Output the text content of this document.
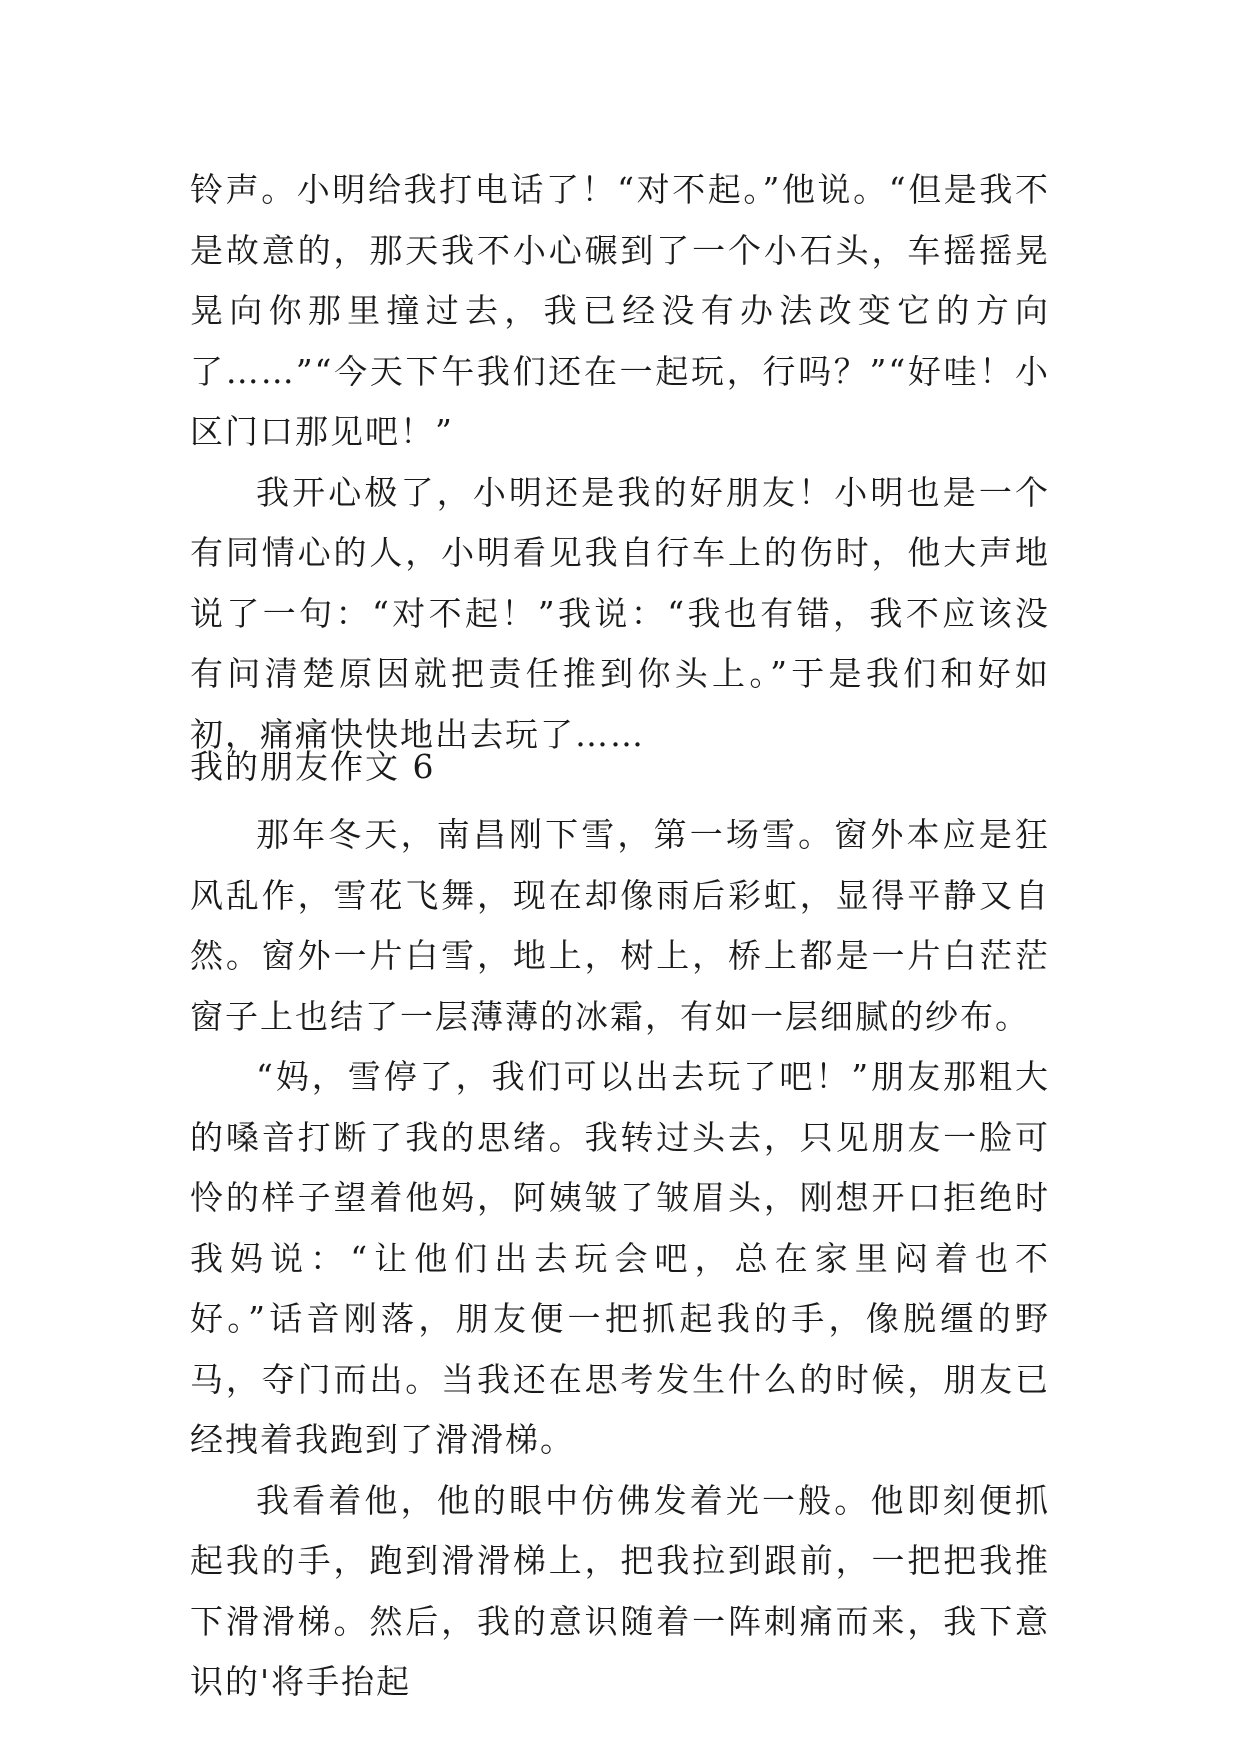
铃声。小明给我打电话了！“对不起。”他说。“但是我不是故意的，那天我不小心碾到了一个小石头，车摇摇晃晃向你那里撞过去，我已经没有办法改变它的方向了……”“今天下午我们还在一起玩，行吗？”“好哇！小区门口那见吧！”

我开心极了，小明还是我的好朋友！小明也是一个有同情心的人，小明看见我自行车上的伤时，他大声地说了一句：“对不起！”我说：“我也有错，我不应该没有问清楚原因就把责任推到你头上。”于是我们和好如初，痛痛快快地出去玩了……

我的朋友作文 6

那年冬天，南昌刚下雪，第一场雪。窗外本应是狂风乱作，雪花飞舞，现在却像雨后彩虹，显得平静又自然。窗外一片白雪，地上，树上，桥上都是一片白茫茫窗子上也结了一层薄薄的冰霜，有如一层细腻的纱布。

“妈，雪停了，我们可以出去玩了吧！”朋友那粗大的嗓音打断了我的思绪。我转过头去，只见朋友一脸可怜的样子望着他妈，阿姨皱了皱眉头，刚想开口拒绝时我妈说：“让他们出去玩会吧，总在家里闷着也不好。”话音刚落，朋友便一把抓起我的手，像脱缰的野马，夺门而出。当我还在思考发生什么的时候，朋友已经拽着我跑到了滑滑梯。

我看着他，他的眼中仿佛发着光一般。他即刻便抓起我的手，跑到滑滑梯上，把我拉到跟前，一把把我推下滑滑梯。然后，我的意识随着一阵刺痛而来，我下意识的'将手抬起
